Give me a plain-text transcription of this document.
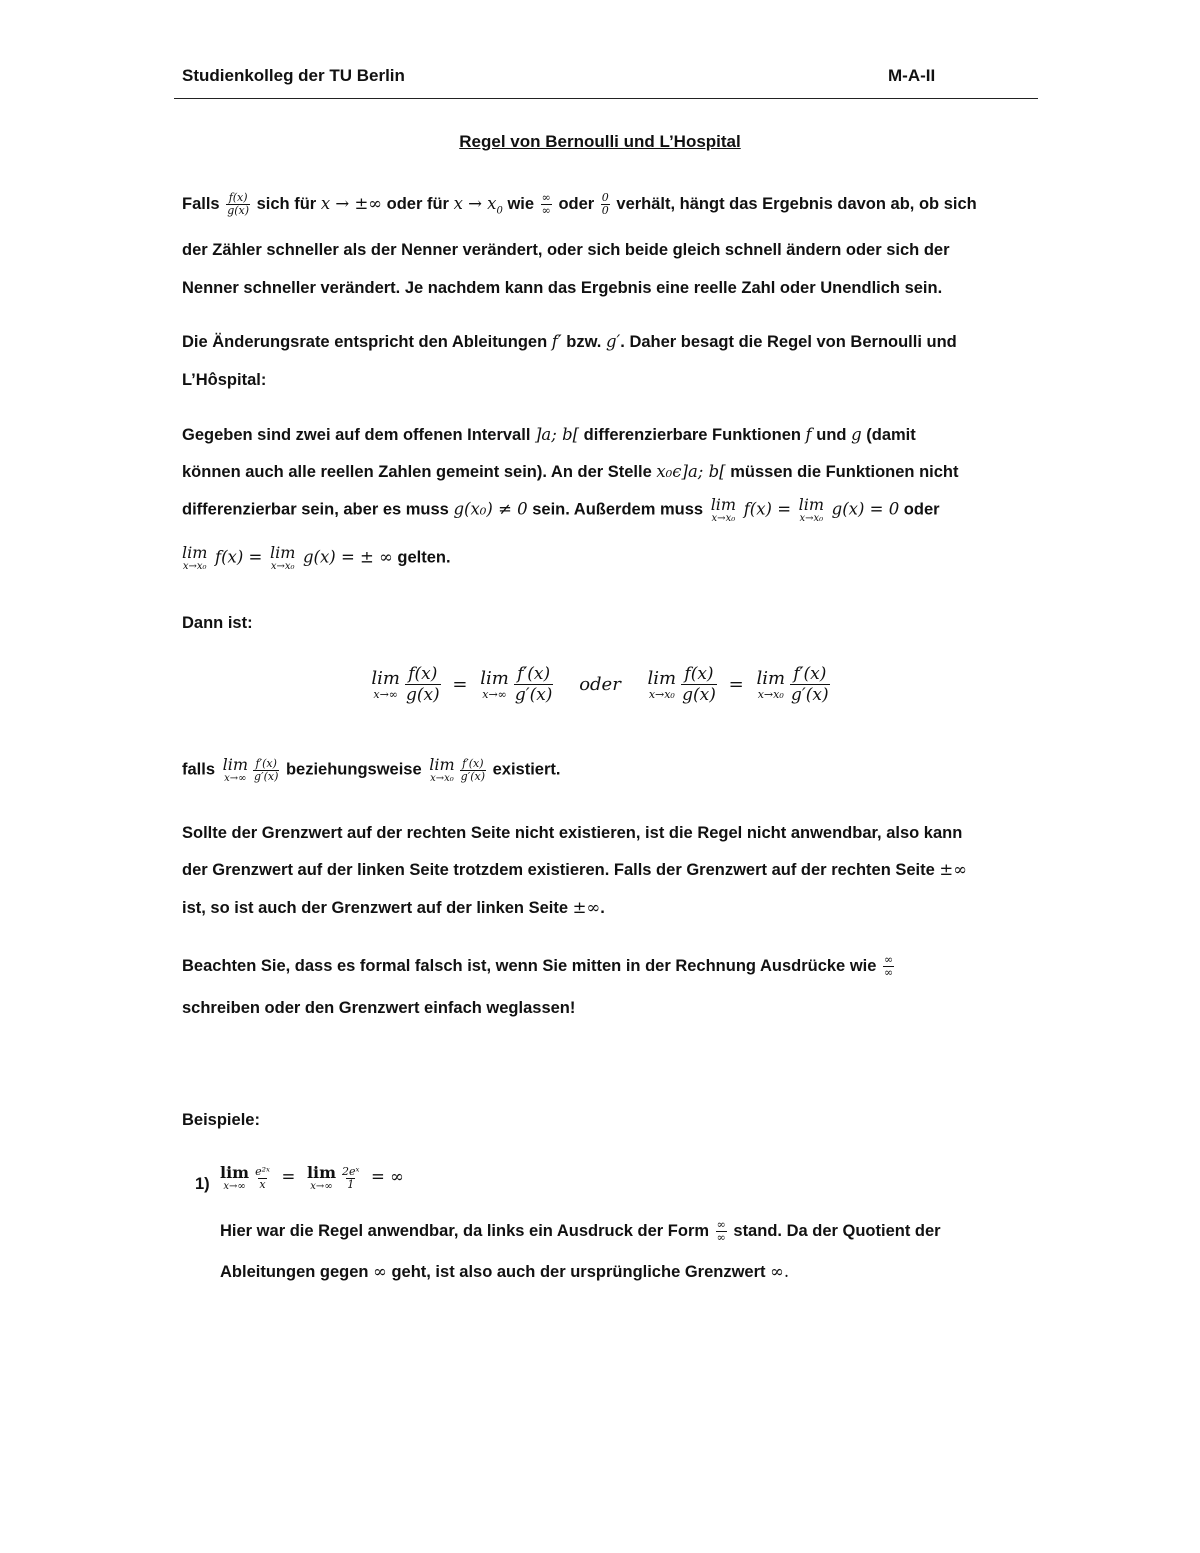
Studienkolleg der TU Berlin	M-A-II
Regel von Bernoulli und L’Hospital
Falls $\frac{f(x)}{g(x)}$ sich für x → ±∞ oder für $x \to x_0$ wie $\frac{\infty}{\infty}$ oder $\frac{0}{0}$ verhält, hängt das Ergebnis davon ab, ob sich
der Zähler schneller als der Nenner verändert, oder sich beide gleich schnell ändern oder sich der
Nenner schneller verändert. Je nachdem kann das Ergebnis eine reelle Zahl oder Unendlich sein.
Die Änderungsrate entspricht den Ableitungen f′ bzw. g′. Daher besagt die Regel von Bernoulli und
L’Hôspital:
Gegeben sind zwei auf dem offenen Intervall ]a; b[ differenzierbare Funktionen f und g (damit
können auch alle reellen Zahlen gemeint sein). An der Stelle x₀ϵ]a; b[ müssen die Funktionen nicht
differenzierbar sein, aber es muss g(x₀) ≠ 0 sein. Außerdem muss lim
x→x₀
f(x) = lim
x→x₀
g(x) = 0 oder
lim
x→x₀
f(x) = lim
x→x₀
g(x) = ± ∞ gelten.
Dann ist:
lim
$x\to\infty \frac{f(x)}{g(x)} = \lim$
$x\to\infty \frac{f'(x)}{g'(x)}$ oder lim
$x\to x_0 \frac{f(x)}{g(x)} = \lim$
$x\to x_0 \frac{f'(x)}{g'(x)}$
falls lim
$x\to\infty \frac{f'(x)}{g'(x)}$ beziehungsweise lim
$x\to x_0 \frac{f'(x)}{g'(x)}$ existiert.
Sollte der Grenzwert auf der rechten Seite nicht existieren, ist die Regel nicht anwendbar, also kann
der Grenzwert auf der linken Seite trotzdem existieren. Falls der Grenzwert auf der rechten Seite ±∞
ist, so ist auch der Grenzwert auf der linken Seite ±∞.
Beachten Sie, dass es formal falsch ist, wenn Sie mitten in der Rechnung Ausdrücke wie $\frac{\infty}{\infty}$
schreiben oder den Grenzwert einfach weglassen!
Beispiele:
1)
lim
$x\to\infty \frac{\text{e²ˣ}}{x} = \lim$
$x\to\infty \frac{\text{2eˣ}}{1}$ = ∞
Hier war die Regel anwendbar, da links ein Ausdruck der Form $\frac{\infty}{\infty} stand$. Da der Quotient der
Ableitungen gegen ∞ geht, ist also auch der ursprüngliche Grenzwert ∞.
